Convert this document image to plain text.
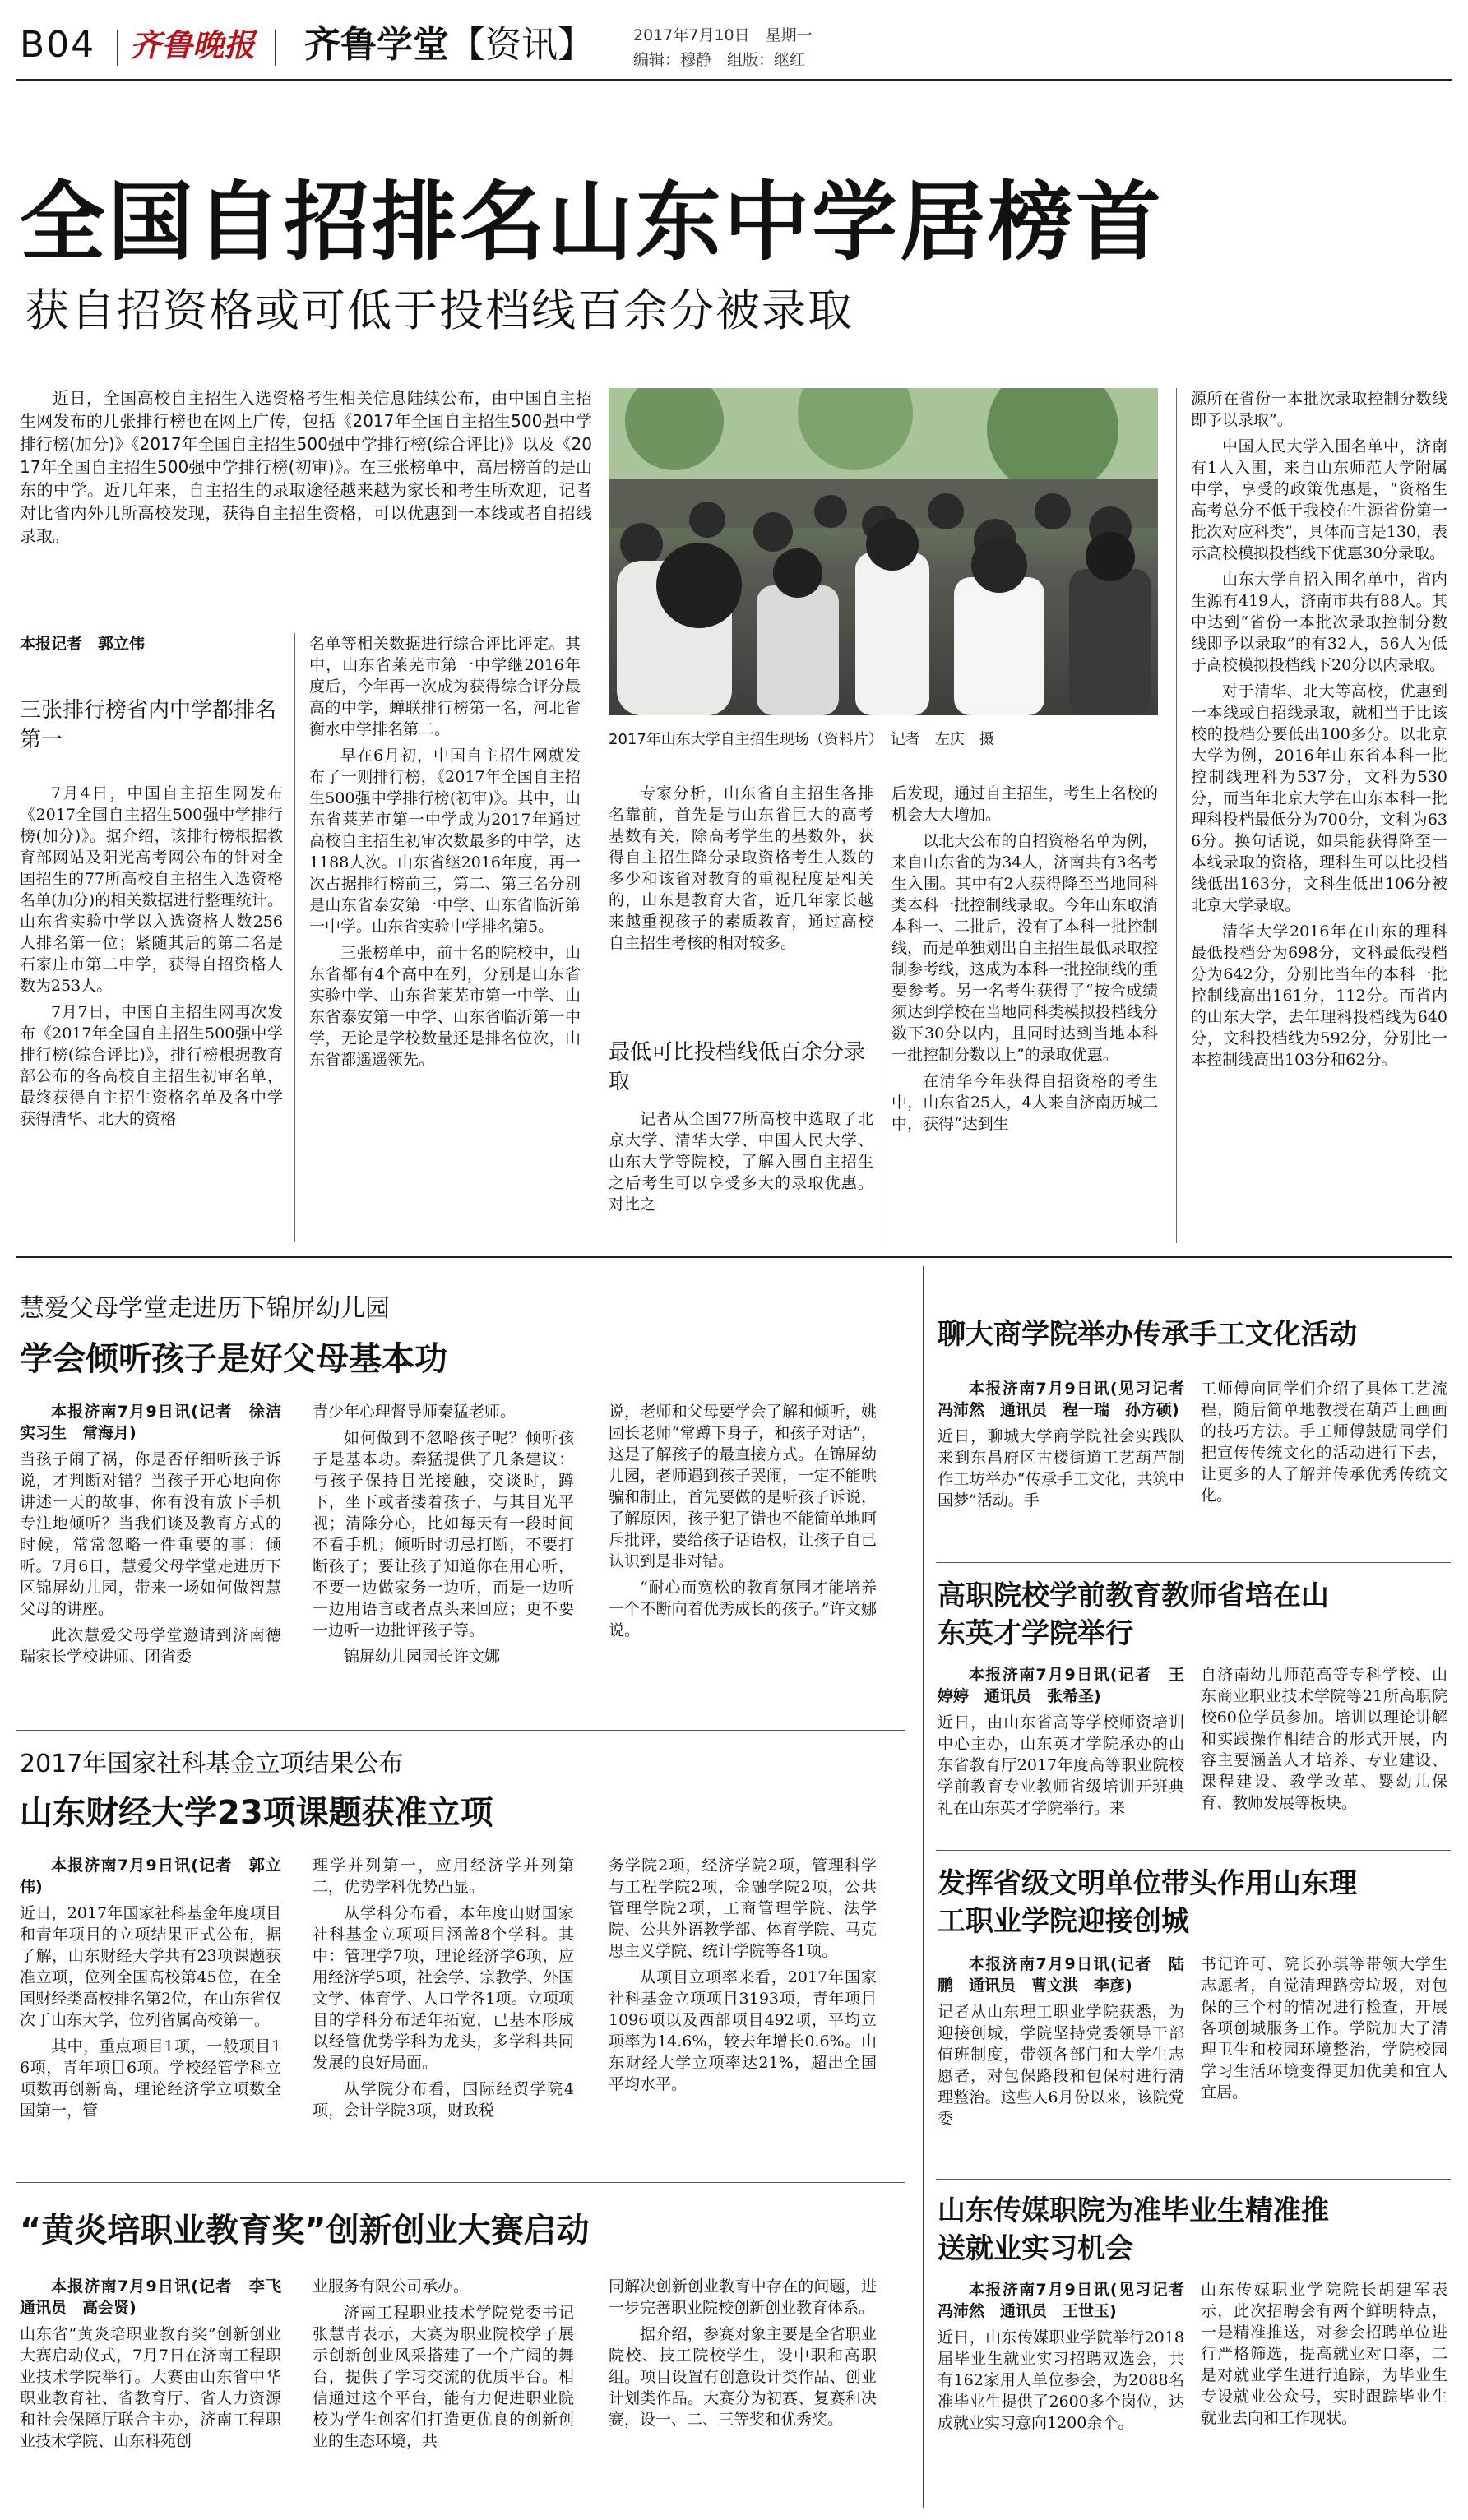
B04 齐鲁晚报 齐鲁学堂【资讯】	2017年7月10日　 星期一
编辑：穆静　 组版：继红
全国自招排名山东中学居榜首
获自招资格或可低于投档线百余分被录取

近日，全国高校自主招生入选资格考生相关信息陆续公布，由中国自主招生网发布的几张排行榜也在网上广传，包括《2017年全国自主招生500强中学排行榜(加分)》《2017年全国自主招生500强中学排行榜(综合评比)》以及《2017年全国自主招生500强中学排行榜(初审)》。在三张榜单中，高居榜首的是山东的中学。近几年来，自主招生的录取途径越来越为家长和考生所欢迎，记者对比省内外几所高校发现，获得自主招生资格，可以优惠到一本线或者自招线录取。

本报记者　郭立伟
三张排行榜省内中学都排名第一

7月4日，中国自主招生网发布《2017全国自主招生500强中学排行榜(加分)》。据介绍，该排行榜根据教育部网站及阳光高考网公布的针对全国招生的77所高校自主招生入选资格名单(加分)的相关数据进行整理统计。山东省实验中学以入选资格人数256人排名第一位；紧随其后的第二名是石家庄市第二中学，获得自招资格人数为253人。

7月7日，中国自主招生网再次发布《2017年全国自主招生500强中学排行榜(综合评比)》，排行榜根据教育部公布的各高校自主招生初审名单，最终获得自主招生资格名单及各中学获得清华、北大的资格

名单等相关数据进行综合评比评定。其中，山东省莱芜市第一中学继2016年度后，今年再一次成为获得综合评分最高的中学，蝉联排行榜第一名，河北省衡水中学排名第二。

早在6月初，中国自主招生网就发布了一则排行榜，《2017年全国自主招生500强中学排行榜(初审)》。其中，山东省莱芜市第一中学成为2017年通过高校自主招生初审次数最多的中学，达1188人次。山东省继2016年度，再一次占据排行榜前三，第二、第三名分别是山东省泰安第一中学、山东省临沂第一中学。山东省实验中学排名第5。

三张榜单中，前十名的院校中，山东省都有4个高中在列，分别是山东省实验中学、山东省莱芜市第一中学、山东省泰安第一中学、山东省临沂第一中学，无论是学校数量还是排名位次，山东省都遥遥领先。

2017年山东大学自主招生现场（资料片）　记者　左庆　摄

专家分析，山东省自主招生各排名靠前，首先是与山东省巨大的高考基数有关，除高考学生的基数外，获得自主招生降分录取资格考生人数的多少和该省对教育的重视程度是相关的，山东是教育大省，近几年家长越来越重视孩子的素质教育，通过高校自主招生考核的相对较多。

最低可比投档线低百余分录取

记者从全国77所高校中选取了北京大学、清华大学、中国人民大学、山东大学等院校，了解入围自主招生之后考生可以享受多大的录取优惠。对比之

后发现，通过自主招生，考生上名校的机会大大增加。

以北大公布的自招资格名单为例，来自山东省的为34人，济南共有3名考生入围。其中有2人获得降至当地同科类本科一批控制线录取。今年山东取消本科一、二批后，没有了本科一批控制线，而是单独划出自主招生最低录取控制参考线，这成为本科一批控制线的重要参考。另一名考生获得了“按合成绩须达到学校在当地同科类模拟投档线分数下30分以内，且同时达到当地本科一批控制分数以上”的录取优惠。

在清华今年获得自招资格的考生中，山东省25人，4人来自济南历城二中，获得“达到生

源所在省份一本批次录取控制分数线即予以录取”。

中国人民大学入围名单中，济南有1人入围，来自山东师范大学附属中学，享受的政策优惠是，“资格生高考总分不低于我校在生源省份第一批次对应科类”，具体而言是130，表示高校模拟投档线下优惠30分录取。

山东大学自招入围名单中，省内生源有419人，济南市共有88人。其中达到“省份一本批次录取控制分数线即予以录取”的有32人，56人为低于高校模拟投档线下20分以内录取。

对于清华、北大等高校，优惠到一本线或自招线录取，就相当于比该校的投档分要低出100多分。以北京大学为例，2016年山东省本科一批控制线理科为537分，文科为530分，而当年北京大学在山东本科一批理科投档最低分为700分，文科为636分。换句话说，如果能获得降至一本线录取的资格，理科生可以比投档线低出163分，文科生低出106分被北京大学录取。

清华大学2016年在山东的理科最低投档分为698分，文科最低投档分为642分，分别比当年的本科一批控制线高出161分，112分。而省内的山东大学，去年理科投档线为640分，文科投档线为592分，分别比一本控制线高出103分和62分。

慧爱父母学堂走进历下锦屏幼儿园
学会倾听孩子是好父母基本功

本报济南7月9日讯(记者　徐洁　实习生　常海月)

当孩子闹了祸，你是否仔细听孩子诉说，才判断对错？当孩子开心地向你讲述一天的故事，你有没有放下手机专注地倾听？当我们谈及教育方式的时候，常常忽略一件重要的事：倾听。7月6日，慧爱父母学堂走进历下区锦屏幼儿园，带来一场如何做智慧父母的讲座。

此次慧爱父母学堂邀请到济南德瑞家长学校讲师、团省委

青少年心理督导师秦猛老师。

如何做到不忽略孩子呢？倾听孩子是基本功。秦猛提供了几条建议：与孩子保持目光接触，交谈时，蹲下，坐下或者搂着孩子，与其目光平视；清除分心，比如每天有一段时间不看手机；倾听时切忌打断，不要打断孩子；要让孩子知道你在用心听，不要一边做家务一边听，而是一边听一边用语言或者点头来回应；更不要一边听一边批评孩子等。

锦屏幼儿园园长许文娜

说，老师和父母要学会了解和倾听，姚园长老师“常蹲下身子，和孩子对话”，这是了解孩子的最直接方式。在锦屏幼儿园，老师遇到孩子哭闹，一定不能哄骗和制止，首先要做的是听孩子诉说，了解原因，孩子犯了错也不能简单地呵斥批评，要给孩子话语权，让孩子自己认识到是非对错。

“耐心而宽松的教育氛围才能培养一个不断向着优秀成长的孩子。”许文娜说。

2017年国家社科基金立项结果公布
山东财经大学23项课题获准立项

本报济南7月9日讯(记者　郭立伟)

近日，2017年国家社科基金年度项目和青年项目的立项结果正式公布，据了解，山东财经大学共有23项课题获准立项，位列全国高校第45位，在全国财经类高校排名第2位，在山东省仅次于山东大学，位列省属高校第一。

其中，重点项目1项，一般项目16项，青年项目6项。学校经管学科立项数再创新高，理论经济学立项数全国第一，管

理学并列第一，应用经济学并列第二，优势学科优势凸显。

从学科分布看，本年度山财国家社科基金立项项目涵盖8个学科。其中：管理学7项，理论经济学6项，应用经济学5项，社会学、宗教学、外国文学、体育学、人口学各1项。立项项目的学科分布适年拓宽，已基本形成以经管优势学科为龙头，多学科共同发展的良好局面。

从学院分布看，国际经贸学院4项，会计学院3项，财政税

务学院2项，经济学院2项，管理科学与工程学院2项，金融学院2项，公共管理学院2项，工商管理学院、法学院、公共外语教学部、体育学院、马克思主义学院、统计学院等各1项。

从项目立项率来看，2017年国家社科基金立项项目3193项，青年项目1096项以及西部项目492项，平均立项率为14.6%，较去年增长0.6%。山东财经大学立项率达21%，超出全国平均水平。

“黄炎培职业教育奖”创新创业大赛启动

本报济南7月9日讯(记者　李飞　通讯员　高会贤)

山东省“黄炎培职业教育奖”创新创业大赛启动仪式，7月7日在济南工程职业技术学院举行。大赛由山东省中华职业教育社、省教育厅、省人力资源和社会保障厅联合主办，济南工程职业技术学院、山东科苑创

业服务有限公司承办。

济南工程职业技术学院党委书记张慧青表示，大赛为职业院校学子展示创新创业风采搭建了一个广阔的舞台，提供了学习交流的优质平台。相信通过这个平台，能有力促进职业院校为学生创客们打造更优良的创新创业的生态环境，共

同解决创新创业教育中存在的问题，进一步完善职业院校创新创业教育体系。

据介绍，参赛对象主要是全省职业院校、技工院校学生，设中职和高职组。项目设置有创意设计类作品、创业计划类作品。大赛分为初赛、复赛和决赛，设一、二、三等奖和优秀奖。

聊大商学院举办传承手工文化活动

本报济南7月9日讯(见习记者　冯沛然　通讯员　程一瑞　孙方硕)

近日，聊城大学商学院社会实践队来到东昌府区古楼街道工艺葫芦制作工坊举办“传承手工文化，共筑中国梦”活动。手

工师傅向同学们介绍了具体工艺流程，随后简单地教授在葫芦上画画的技巧方法。手工师傅鼓励同学们把宣传传统文化的活动进行下去，让更多的人了解并传承优秀传统文化。

高职院校学前教育教师省培在山东英才学院举行

本报济南7月9日讯(记者　王婷婷　通讯员　张希圣)

近日，由山东省高等学校师资培训中心主办，山东英才学院承办的山东省教育厅2017年度高等职业院校学前教育专业教师省级培训开班典礼在山东英才学院举行。来

自济南幼儿师范高等专科学校、山东商业职业技术学院等21所高职院校60位学员参加。培训以理论讲解和实践操作相结合的形式开展，内容主要涵盖人才培养、专业建设、课程建设、教学改革、婴幼儿保育、教师发展等板块。

发挥省级文明单位带头作用山东理工职业学院迎接创城

本报济南7月9日讯(记者　陆鹏　通讯员　曹文洪　李彦)

记者从山东理工职业学院获悉，为迎接创城，学院坚持党委领导干部值班制度，带领各部门和大学生志愿者，对包保路段和包保村进行清理整治。这些人6月份以来，该院党委

书记许可、院长孙琪等带领大学生志愿者，自觉清理路旁垃圾，对包保的三个村的情况进行检查，开展各项创城服务工作。学院加大了清理卫生和校园环境整治，学院校园学习生活环境变得更加优美和宜人宜居。

山东传媒职院为准毕业生精准推送就业实习机会

本报济南7月9日讯(见习记者　冯沛然　通讯员　王世玉)

近日，山东传媒职业学院举行2018届毕业生就业实习招聘双选会，共有162家用人单位参会，为2088名准毕业生提供了2600多个岗位，达成就业实习意向1200余个。

山东传媒职业学院院长胡建军表示，此次招聘会有两个鲜明特点，一是精准推送，对参会招聘单位进行严格筛选，提高就业对口率，二是对就业学生进行追踪，为毕业生专设就业公众号，实时跟踪毕业生就业去向和工作现状。
